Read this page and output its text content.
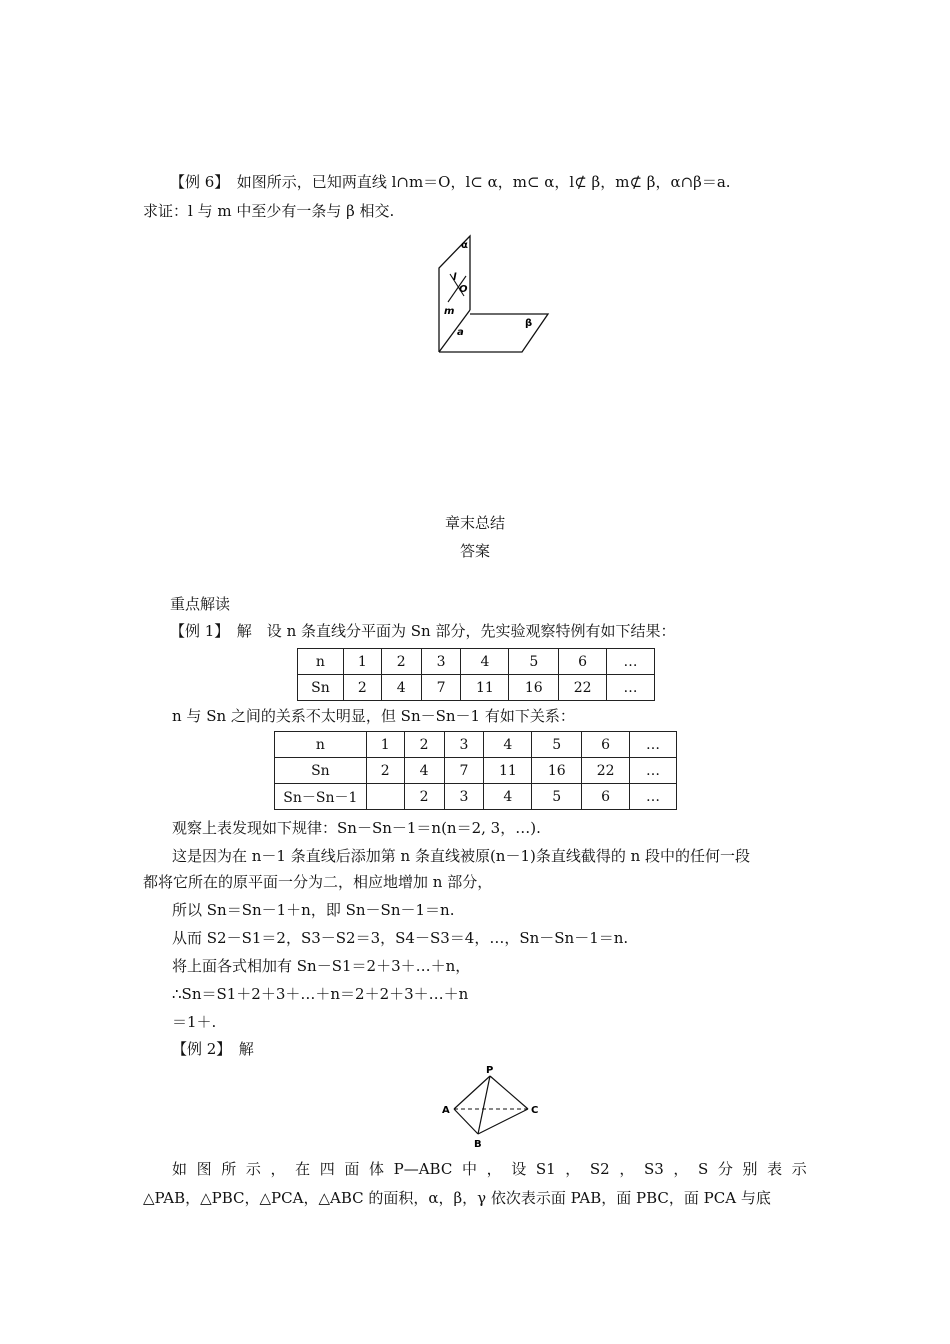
【例 6】　如图所示，已知两直线 l∩m＝O，l⊂ α，m⊂ α，l⊄ β，m⊄ β，α∩β＝a.
求证：l 与 m 中至少有一条与 β 相交.
α
l
O
m
a
β
章末总结
答案
重点解读
【例 1】　解　设 n 条直线分平面为 Sn 部分，先实验观察特例有如下结果：
n	1	2	3	4	5	6	…
Sn	2	4	7	11	16	22	…
n 与 Sn 之间的关系不太明显，但 Sn－Sn－1 有如下关系：
n	1	2	3	4	5	6	…
Sn	2	4	7	11	16	22	…
Sn－Sn－1		2	3	4	5	6	…
观察上表发现如下规律：Sn－Sn－1＝n(n＝2, 3，…).
这是因为在 n－1 条直线后添加第 n 条直线被原(n－1)条直线截得的 n 段中的任何一段
都将它所在的原平面一分为二，相应地增加 n 部分，
所以 Sn＝Sn－1＋n，即 Sn－Sn－1＝n.
从而 S2－S1＝2，S3－S2＝3，S4－S3＝4，…，Sn－Sn－1＝n.
将上面各式相加有 Sn－S1＝2＋3＋…＋n，
∴Sn＝S1＋2＋3＋…＋n＝2＋2＋3＋…＋n
＝1＋.
【例 2】　解
P
A
B
C
如 图 所 示 ， 在 四 面 体 P—ABC 中 ， 设 S1 ， S2 ， S3 ， S 分 别 表 示
△PAB，△PBC，△PCA，△ABC 的面积，α，β，γ 依次表示面 PAB，面 PBC，面 PCA 与底
